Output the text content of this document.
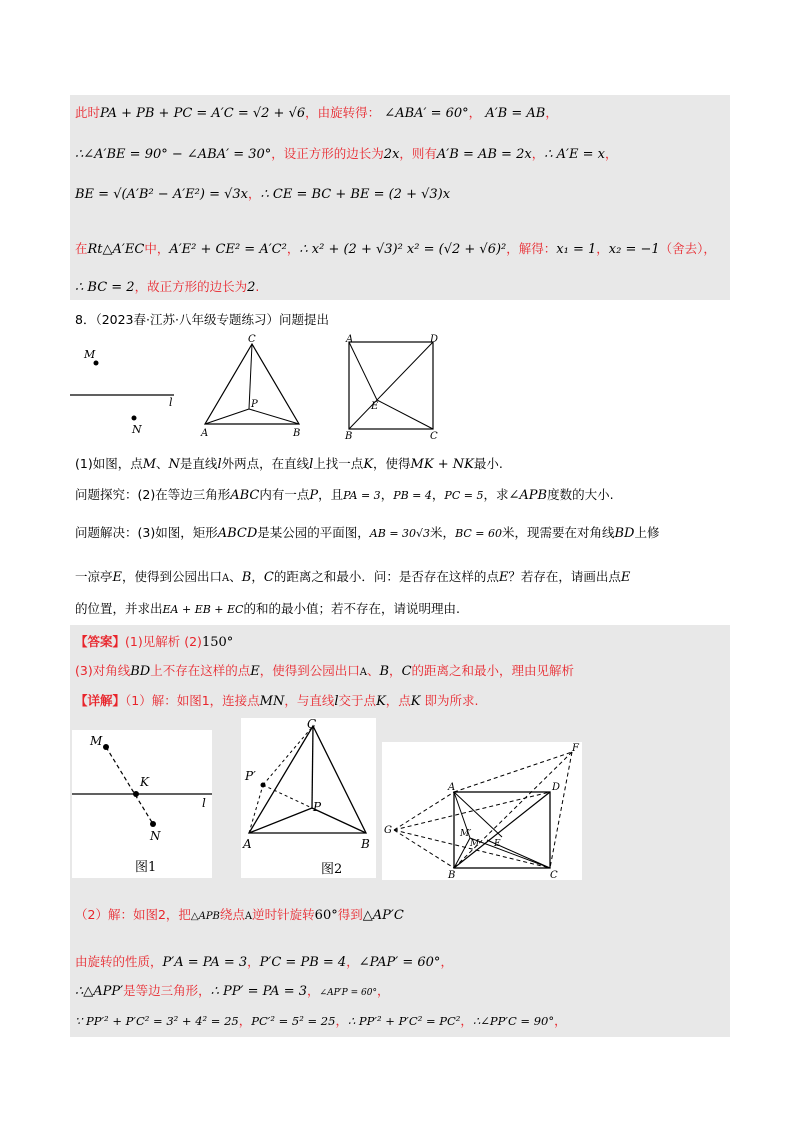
此时PA + PB + PC = A′C = √2 + √6，由旋转得： ∠ABA′ = 60°， A′B = AB，
∴∠A′BE = 90° − ∠ABA′ = 30°，设正方形的边长为2x，则有A′B = AB = 2x，∴ A′E = x，
BE = √(A′B² − A′E²) = √3x，∴ CE = BC + BE = (2 + √3)x
在Rt△A′EC中，A′E² + CE² = A′C²，∴ x² + (2 + √3)² x² = (√2 + √6)²，解得：x₁ = 1，x₂ = −1（舍去），
∴ BC = 2，故正方形的边长为2.
8．（2023春·江苏·八年级专题练习）问题提出
M
l
N
C
P
A	B
A	D
E
B	C
(1)如图，点M、N是直线l外两点，在直线l上找一点K，使得MK + NK最小.
问题探究：(2)在等边三角形ABC内有一点P，且PA = 3，PB = 4，PC = 5，求∠APB度数的大小.
问题解决：(3)如图，矩形ABCD是某公园的平面图，AB = 30√3米，BC = 60米，现需要在对角线BD上修
一凉亭E，使得到公园出口A、B，C的距离之和最小．问：是否存在这样的点E？若存在，请画出点E
的位置，并求出EA + EB + EC的和的最小值；若不存在，请说明理由.
【答案】(1)见解析 (2)150°
(3)对角线BD上不存在这样的点E，使得到公园出口A、B，C的距离之和最小，理由见解析
【详解】（1）解：如图1，连接点MN，与直线l交于点K，点K 即为所求.
M
K
N
l
图1
C
P′
P
A	B
图2
F
A	D
G	M′
M E
B	C
（2）解：如图2，把△APB绕点A逆时针旋转60°得到△AP′C
由旋转的性质，P′A = PA = 3，P′C = PB = 4，∠PAP′ = 60°，
∴△APP′是等边三角形，∴ PP′ = PA = 3，∠AP′P = 60°，
∵ PP′² + P′C² = 3² + 4² = 25，PC′² = 5² = 25，∴ PP′² + P′C² = PC²，∴∠PP′C = 90°，
